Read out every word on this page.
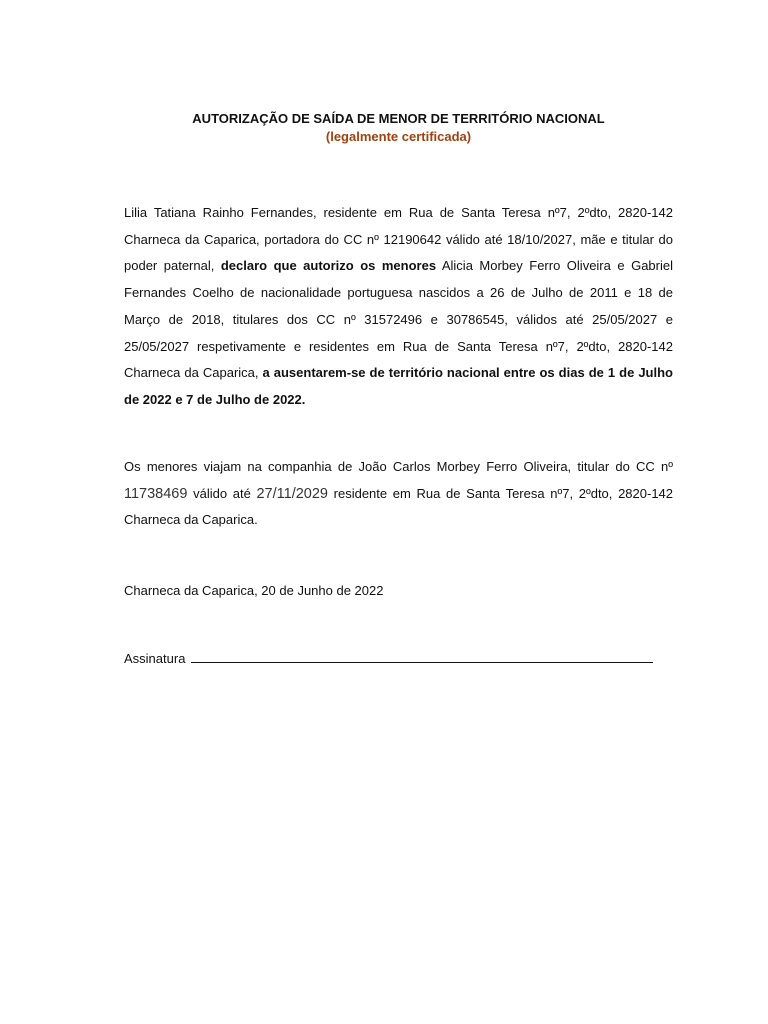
AUTORIZAÇÃO DE SAÍDA DE MENOR DE TERRITÓRIO NACIONAL
(legalmente certificada)
Lilia Tatiana Rainho Fernandes, residente em Rua de Santa Teresa nº7, 2ºdto, 2820-142 Charneca da Caparica, portadora do CC nº 12190642 válido até 18/10/2027, mãe e titular do poder paternal, declaro que autorizo os menores Alicia Morbey Ferro Oliveira e Gabriel Fernandes Coelho de nacionalidade portuguesa nascidos a 26 de Julho de 2011 e 18 de Março de 2018, titulares dos CC nº 31572496 e 30786545, válidos até 25/05/2027 e 25/05/2027 respetivamente e residentes em Rua de Santa Teresa nº7, 2ºdto, 2820-142 Charneca da Caparica, a ausentarem-se de território nacional entre os dias de 1 de Julho de 2022 e 7 de Julho de 2022.
Os menores viajam na companhia de João Carlos Morbey Ferro Oliveira, titular do CC nº 11738469 válido até 27/11/2029 residente em Rua de Santa Teresa nº7, 2ºdto, 2820-142 Charneca da Caparica.
Charneca da Caparica, 20 de Junho de 2022
Assinatura
